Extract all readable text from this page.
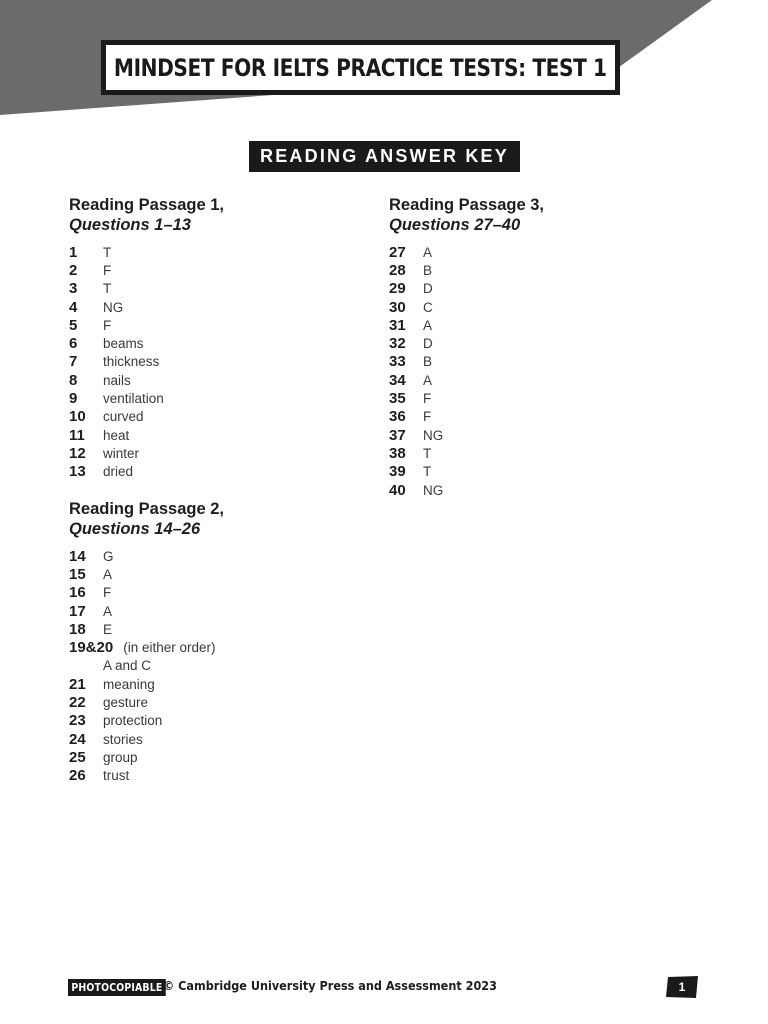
MINDSET FOR IELTS PRACTICE TESTS: TEST 1
READING ANSWER KEY
Reading Passage 1,
Questions 1–13
1	T
2	F
3	T
4	NG
5	F
6	beams
7	thickness
8	nails
9	ventilation
10	curved
11	heat
12	winter
13	dried
Reading Passage 2,
Questions 14–26
14	G
15	A
16	F
17	A
18	E
19&20 (in either order)
A and C
21	meaning
22	gesture
23	protection
24	stories
25	group
26	trust
Reading Passage 3,
Questions 27–40
27	A
28	B
29	D
30	C
31	A
32	D
33	B
34	A
35	F
36	F
37	NG
38	T
39	T
40	NG
PHOTOCOPIABLE © Cambridge University Press and Assessment 2023	1
